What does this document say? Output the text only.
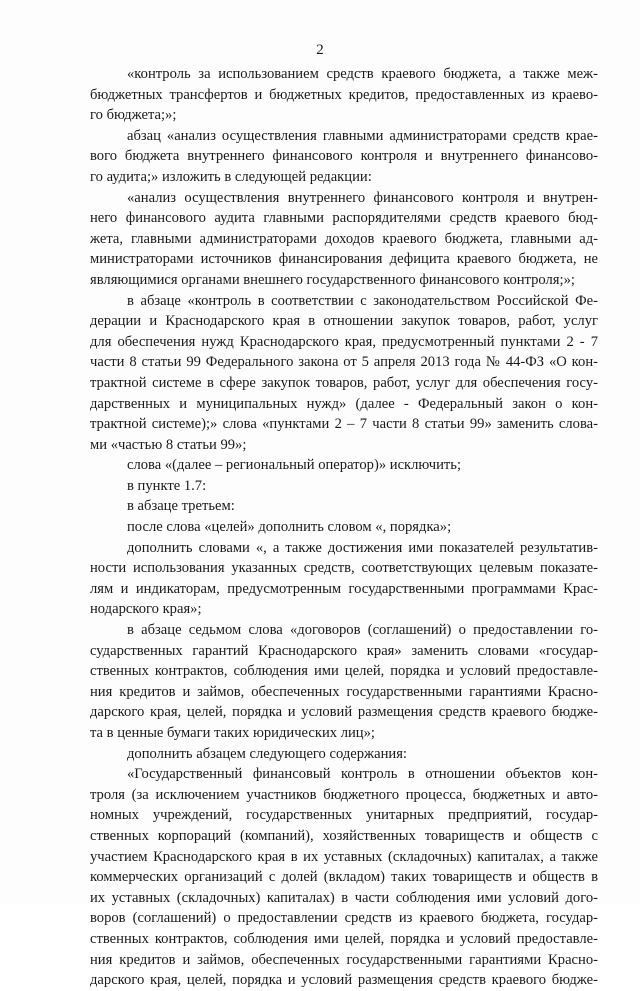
2
«контроль за использованием средств краевого бюджета, а также меж-
бюджетных трансфертов и бюджетных кредитов, предоставленных из краево-
го бюджета;»;
абзац «анализ осуществления главными администраторами средств крае-
вого бюджета внутреннего финансового контроля и внутреннего финансово-
го аудита;» изложить в следующей редакции:
«анализ осуществления внутреннего финансового контроля и внутрен-
него финансового аудита главными распорядителями средств краевого бюд-
жета, главными администраторами доходов краевого бюджета, главными ад-
министраторами источников финансирования дефицита краевого бюджета, не
являющимися органами внешнего государственного финансового контроля;»;
в абзаце «контроль в соответствии с законодательством Российской Фе-
дерации и Краснодарского края в отношении закупок товаров, работ, услуг
для обеспечения нужд Краснодарского края, предусмотренный пунктами 2 - 7
части 8 статьи 99 Федерального закона от 5 апреля 2013 года № 44-ФЗ «О кон-
трактной системе в сфере закупок товаров, работ, услуг для обеспечения госу-
дарственных и муниципальных нужд» (далее - Федеральный закон о кон-
трактной системе);» слова «пунктами 2 – 7 части 8 статьи 99» заменить слова-
ми «частью 8 статьи 99»;
слова «(далее – региональный оператор)» исключить;
в пункте 1.7:
в абзаце третьем:
после слова «целей» дополнить словом «, порядка»;
дополнить словами «, а также достижения ими показателей результатив-
ности использования указанных средств, соответствующих целевым показате-
лям и индикаторам, предусмотренным государственными программами Крас-
нодарского края»;
в абзаце седьмом слова «договоров (соглашений) о предоставлении го-
сударственных гарантий Краснодарского края» заменить словами «государ-
ственных контрактов, соблюдения ими целей, порядка и условий предоставле-
ния кредитов и займов, обеспеченных государственными гарантиями Красно-
дарского края, целей, порядка и условий размещения средств краевого бюдже-
та в ценные бумаги таких юридических лиц»;
дополнить абзацем следующего содержания:
«Государственный финансовый контроль в отношении объектов кон-
троля (за исключением участников бюджетного процесса, бюджетных и авто-
номных учреждений, государственных унитарных предприятий, государ-
ственных корпораций (компаний), хозяйственных товариществ и обществ с
участием Краснодарского края в их уставных (складочных) капиталах, а также
коммерческих организаций с долей (вкладом) таких товариществ и обществ в
их уставных (складочных) капиталах) в части соблюдения ими условий дого-
воров (соглашений) о предоставлении средств из краевого бюджета, государ-
ственных контрактов, соблюдения ими целей, порядка и условий предоставле-
ния кредитов и займов, обеспеченных государственными гарантиями Красно-
дарского края, целей, порядка и условий размещения средств краевого бюдже-
